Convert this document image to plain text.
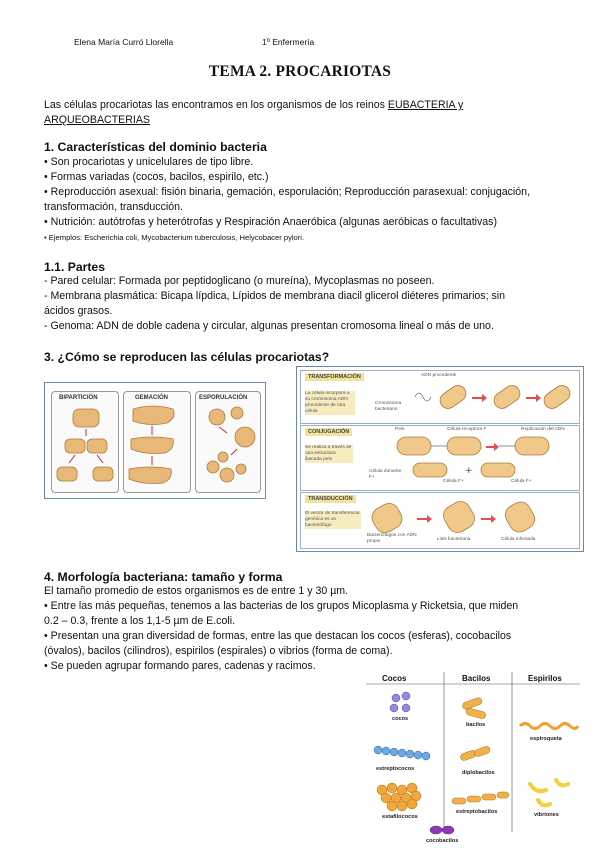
Elena María Curró Llorella	1º Enfermería
TEMA 2. PROCARIOTAS
Las células procariotas las encontramos en los organismos de los reinos EUBACTERIA y
ARQUEOBACTERIAS
1. Características del dominio bacteria
• Son procariotas y unicelulares de tipo libre.
• Formas variadas (cocos, bacilos, espirilo, etc.)
• Reproducción asexual: fisión binaria, gemación, esporulación; Reproducción parasexual: conjugación,
transformación, transducción.
• Nutrición: autótrofas y heterótrofas y Respiración Anaeróbica (algunas aeróbicas o facultativas)
• Ejemplos: Escherichia coli, Mycobacterium tuberculosis, Helycobacer pylori.
1.1. Partes
- Pared celular: Formada por peptidoglicano (o mureína), Mycoplasmas no poseen.
- Membrana plasmática: Bicapa lípdica, Lípidos de membrana diacil glicerol diéteres primarios; sin
ácidos grasos.
- Genoma: ADN de doble cadena y circular, algunas presentan cromosoma lineal o más de uno.
3. ¿Cómo se reproducen las células procariotas?
BIPARTICIÓN	GEMACIÓN	ESPORULACIÓN
TRANSFORMACIÓN
La célula incorpora a su cromosoma ADN procedente de otra célula
ADN procedente
Cromosoma bacteriano
CONJUGACIÓN
Se realiza a través de una estructura llamada pelo
Pelo	Célula receptora F	Replicación del ADN
Célula donante F+
Célula F+	Célula F+
TRANSDUCCIÓN
El vector de transferencia genética es un bacteriófago
Bacteriófagos con ADN propio	Lisis bacteriana	Célula infectada
+
4. Morfología bacteriana: tamaño y forma
El tamaño promedio de estos organismos es de entre 1 y 30 µm.
• Entre las más pequeñas, tenemos a las bacterias de los grupos Micoplasma y Ricketsia, que miden
0.2 – 0.3, frente a los 1,1-5 µm de E.coli.
• Presentan una gran diversidad de formas, entre las que destacan los cocos (esferas), cocobacilos
(óvalos), bacilos (cilindros), espirilos (espirales) o vibrios (forma de coma).
• Se pueden agrupar formando pares, cadenas y racimos.
Cocos	Bacilos	Espirilos
cocos
estreptococos
estafilococos
bacilos
diplobacilos
estreptobacilos
espiroqueta
vibriones
cocobacilos
